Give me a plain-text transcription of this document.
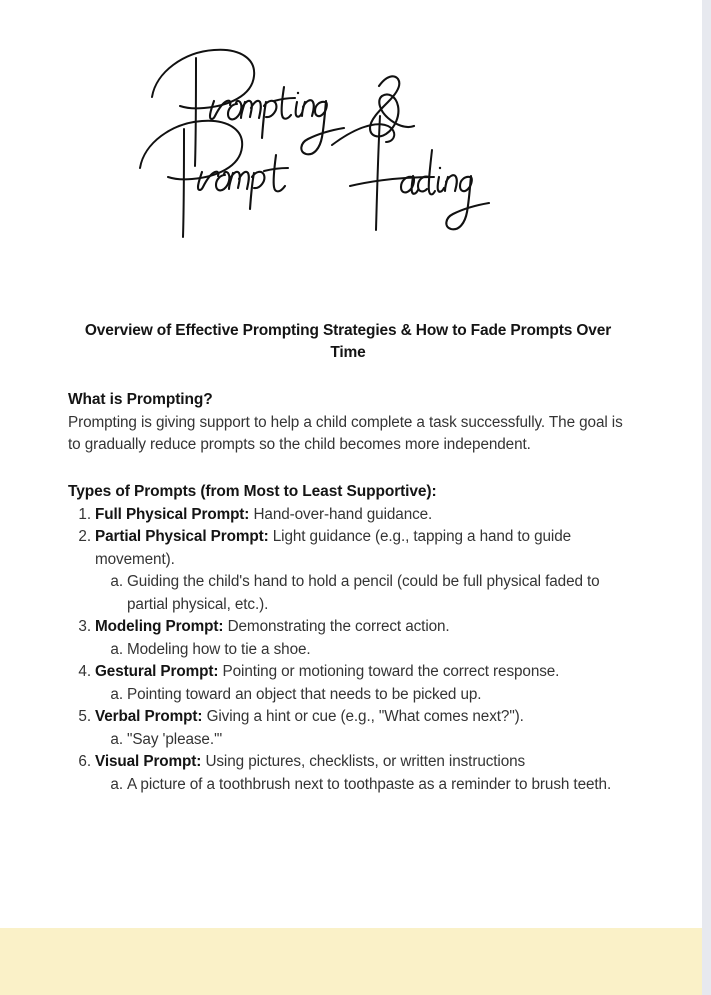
Overview of Effective Prompting Strategies & How to Fade Prompts Over Time
What is Prompting?

Prompting is giving support to help a child complete a task successfully. The goal is to gradually reduce prompts so the child becomes more independent.

Types of Prompts (from Most to Least Supportive):
Full Physical Prompt: Hand-over-hand guidance.
Partial Physical Prompt: Light guidance (e.g., tapping a hand to guide movement).
Guiding the child's hand to hold a pencil (could be full physical faded to partial physical, etc.).
Modeling Prompt: Demonstrating the correct action.
Modeling how to tie a shoe.
Gestural Prompt: Pointing or motioning toward the correct response.
Pointing toward an object that needs to be picked up.
Verbal Prompt: Giving a hint or cue (e.g., "What comes next?").
"Say 'please.'"
Visual Prompt: Using pictures, checklists, or written instructions
A picture of a toothbrush next to toothpaste as a reminder to brush teeth.
